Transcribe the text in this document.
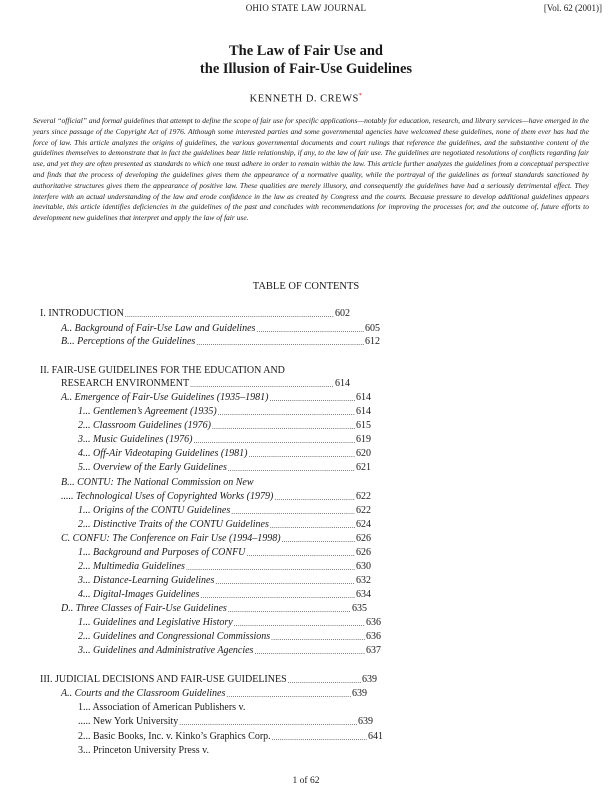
OHIO STATE LAW JOURNAL	[Vol. 62 (2001)]
The Law of Fair Use and
the Illusion of Fair-Use Guidelines
KENNETH D. CREWS*
Several “official” and formal guidelines that attempt to define the scope of fair use for specific applications—notably for education, research, and library services—have emerged in the years since passage of the Copyright Act of 1976. Although some interested parties and some governmental agencies have welcomed these guidelines, none of them ever has had the force of law. This article analyzes the origins of guidelines, the various governmental documents and court rulings that reference the guidelines, and the substantive content of the guidelines themselves to demonstrate that in fact the guidelines bear little relationship, if any, to the law of fair use. The guidelines are negotiated resolutions of conflicts regarding fair use, and yet they are often presented as standards to which one must adhere in order to remain within the law. This article further analyzes the guidelines from a conceptual perspective and finds that the process of developing the guidelines gives them the appearance of a normative quality, while the portrayal of the guidelines as formal standards sanctioned by authoritative structures gives them the appearance of positive law. These qualities are merely illusory, and consequently the guidelines have had a seriously detrimental effect. They interfere with an actual understanding of the law and erode confidence in the law as created by Congress and the courts. Because pressure to develop additional guidelines appears inevitable, this article identifies deficiencies in the guidelines of the past and concludes with recommendations for improving the processes for, and the outcome of, future efforts to development new guidelines that interpret and apply the law of fair use.
TABLE OF CONTENTS
I. INTRODUCTION .....	602
A.. Background of Fair-Use Law and Guidelines .....	605
B... Perceptions of the Guidelines .....	612
II. FAIR-USE GUIDELINES FOR THE EDUCATION AND
RESEARCH ENVIRONMENT .....	614
A.. Emergence of Fair-Use Guidelines (1935–1981) .....	614
1... Gentlemen’s Agreement (1935) .....	614
2... Classroom Guidelines (1976) .....	615
3... Music Guidelines (1976) .....	619
4... Off-Air Videotaping Guidelines (1981) .....	620
5... Overview of the Early Guidelines .....	621
B... CONTU: The National Commission on New
..... Technological Uses of Copyrighted Works (1979) .....	622
1... Origins of the CONTU Guidelines .....	622
2... Distinctive Traits of the CONTU Guidelines .....	624
C. CONFU: The Conference on Fair Use (1994–1998) .....	626
1... Background and Purposes of CONFU .....	626
2... Multimedia Guidelines .....	630
3... Distance-Learning Guidelines .....	632
4... Digital-Images Guidelines .....	634
D.. Three Classes of Fair-Use Guidelines .....	635
1... Guidelines and Legislative History .....	636
2... Guidelines and Congressional Commissions .....	636
3... Guidelines and Administrative Agencies .....	637
III. JUDICIAL DECISIONS AND FAIR-USE GUIDELINES .....	639
A.. Courts and the Classroom Guidelines .....	639
1... Association of American Publishers v.
..... New York University .....	639
2... Basic Books, Inc. v. Kinko’s Graphics Corp. .....	641
3... Princeton University Press v.
1 of 62
